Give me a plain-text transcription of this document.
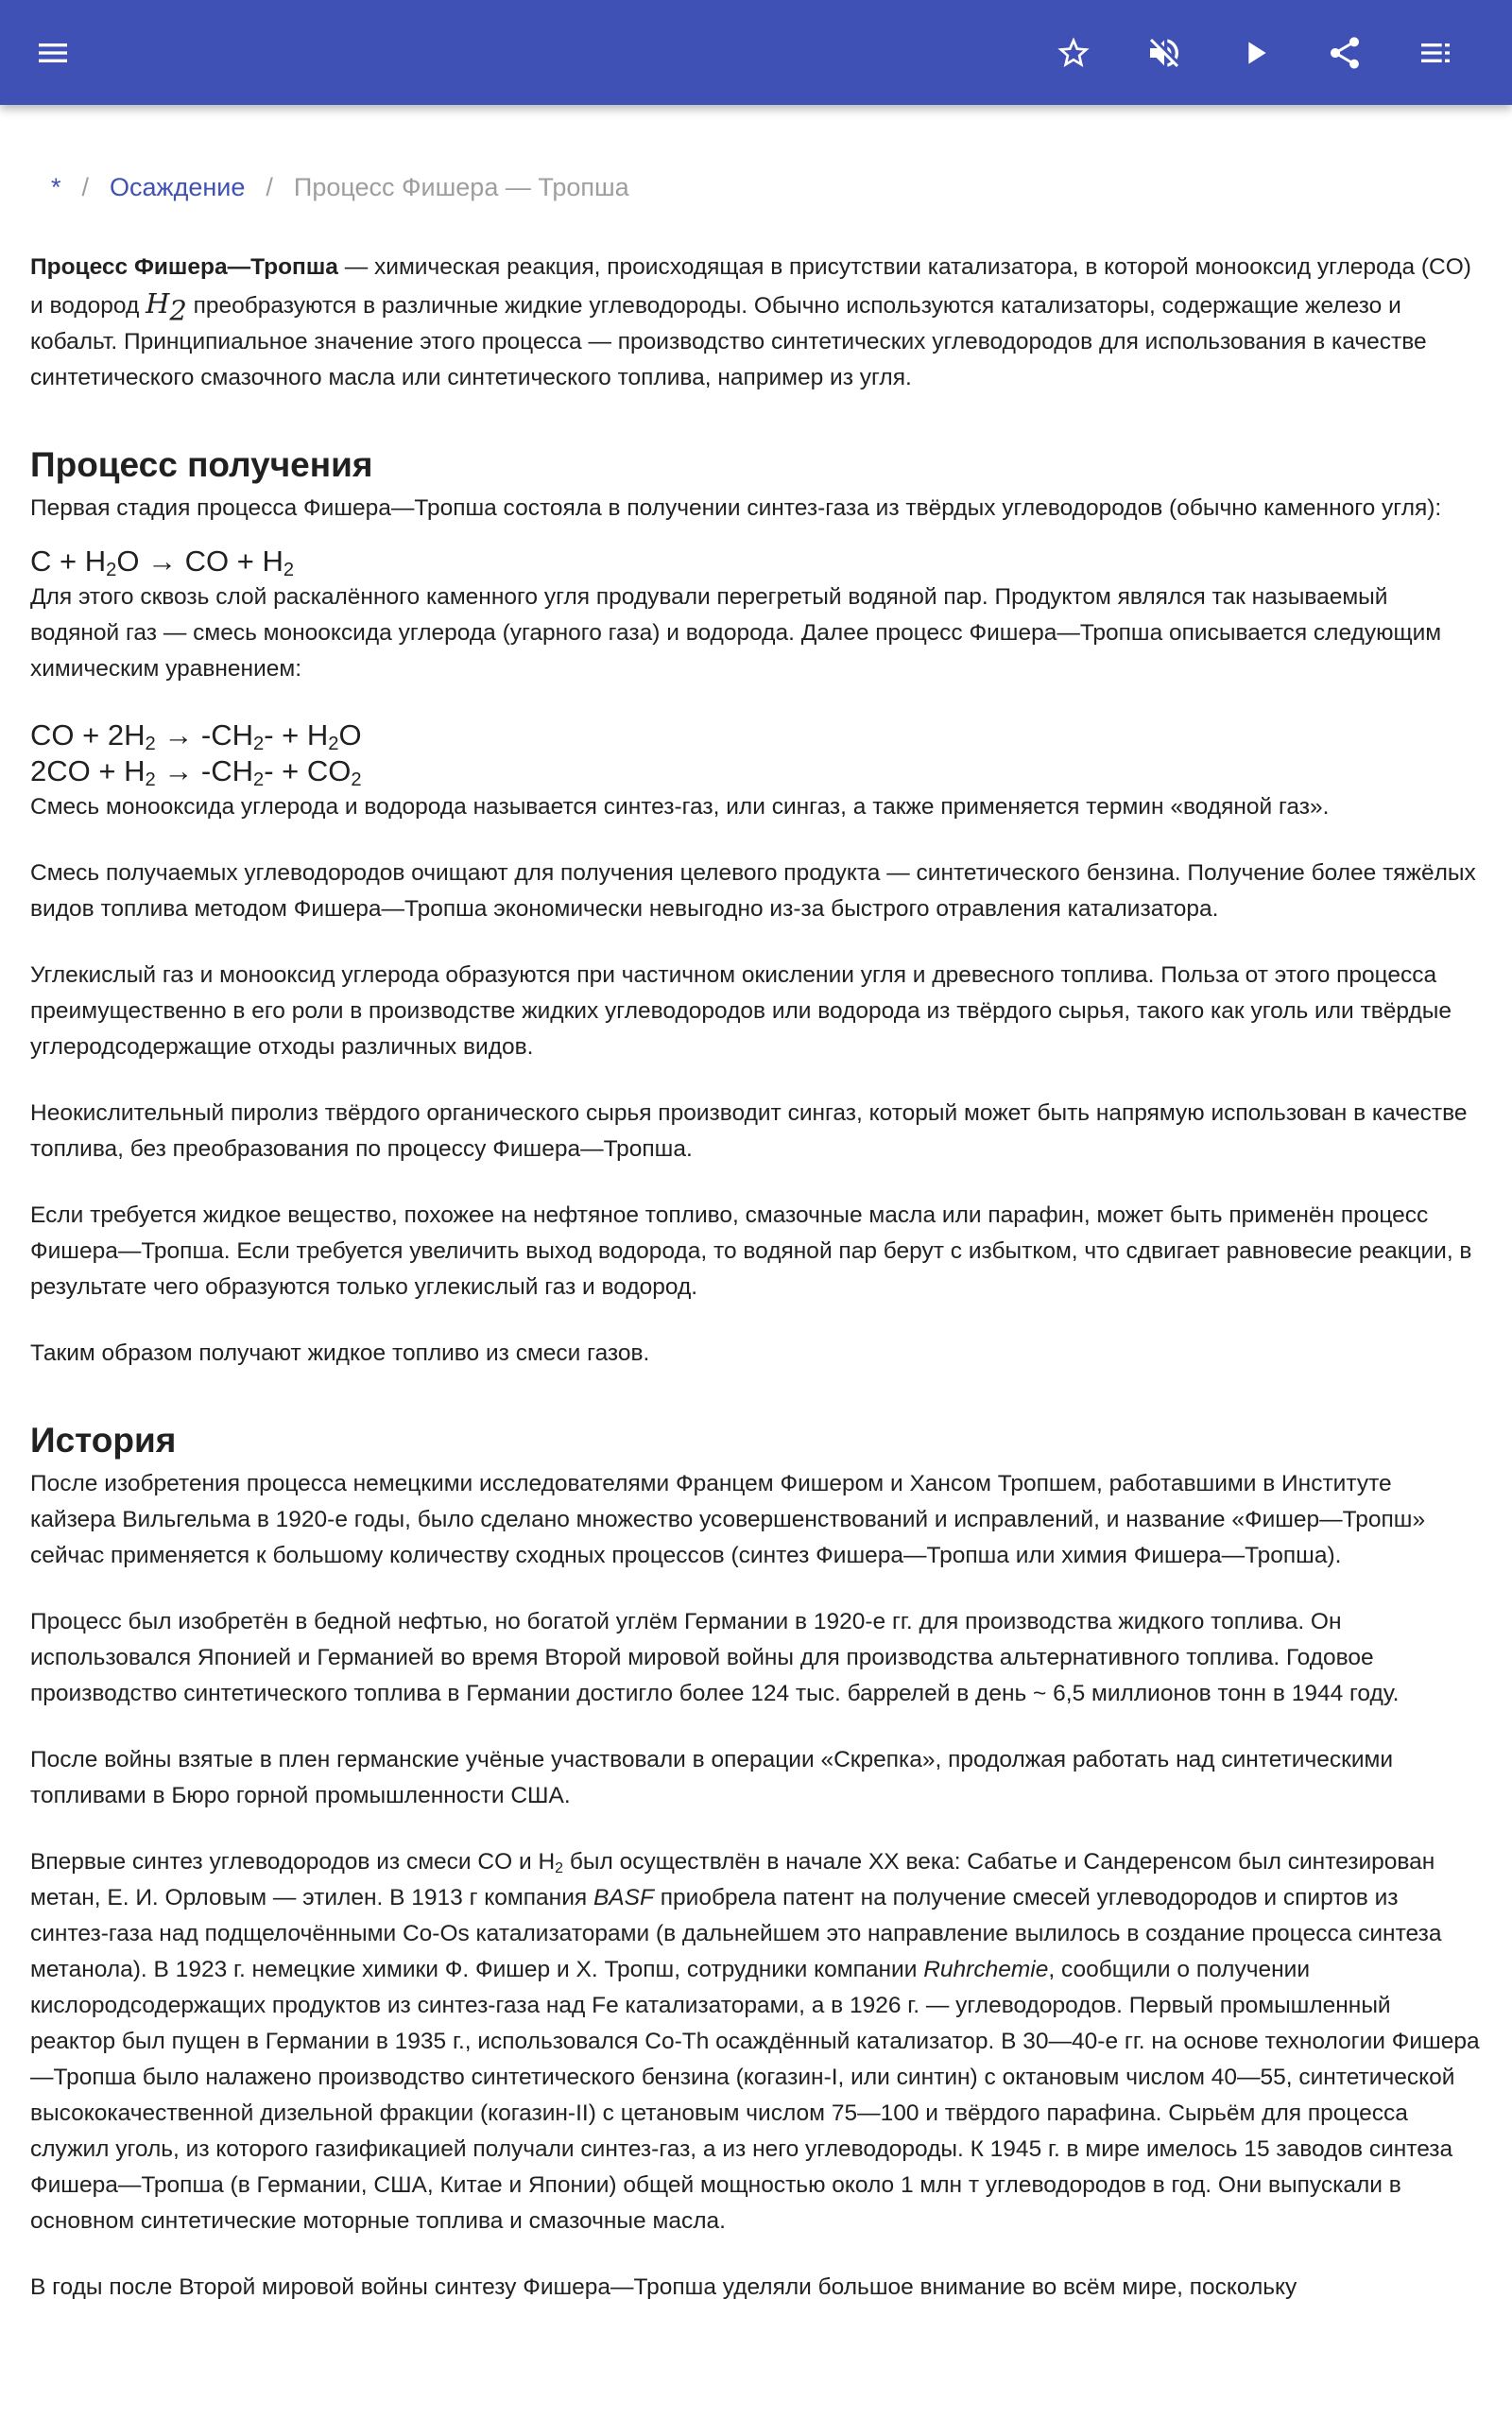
* / Осаждение / Процесс Фишера — Тропша

Процесс Фишера—Тропша — химическая реакция, происходящая в присутствии катализатора, в которой монооксид углерода (CO) и водород $H_2$ преобразуются в различные жидкие углеводороды. Обычно используются катализаторы, содержащие железо и кобальт. Принципиальное значение этого процесса — производство синтетических углеводородов для использования в качестве синтетического смазочного масла или синтетического топлива, например из угля.

Процесс получения

Первая стадия процесса Фишера—Тропша состояла в получении синтез-газа из твёрдых углеводородов (обычно каменного угля):

$C + H_2O$ → CO + $H_2$

Для этого сквозь слой раскалённого каменного угля продували перегретый водяной пар. Продуктом являлся так называемый водяной газ — смесь монооксида углерода (угарного газа) и водорода. Далее процесс Фишера—Тропша описывается следующим химическим уравнением:

CO + $2H_2 \to -CH_2- + H_2O$
$2CO + H_2 \to -CH_2- + CO_2$

Смесь монооксида углерода и водорода называется синтез-газ, или сингаз, а также применяется термин «водяной газ».

Смесь получаемых углеводородов очищают для получения целевого продукта — синтетического бензина. Получение более тяжёлых видов топлива методом Фишера—Тропша экономически невыгодно из-за быстрого отравления катализатора.

Углекислый газ и монооксид углерода образуются при частичном окислении угля и древесного топлива. Польза от этого процесса преимущественно в его роли в производстве жидких углеводородов или водорода из твёрдого сырья, такого как уголь или твёрдые углеродсодержащие отходы различных видов.

Неокислительный пиролиз твёрдого органического сырья производит сингаз, который может быть напрямую использован в качестве топлива, без преобразования по процессу Фишера—Тропша.

Если требуется жидкое вещество, похожее на нефтяное топливо, смазочные масла или парафин, может быть применён процесс Фишера—Тропша. Если требуется увеличить выход водорода, то водяной пар берут с избытком, что сдвигает равновесие реакции, в результате чего образуются только углекислый газ и водород.

Таким образом получают жидкое топливо из смеси газов.

История

После изобретения процесса немецкими исследователями Францем Фишером и Хансом Тропшем, работавшими в Институте кайзера Вильгельма в 1920-е годы, было сделано множество усовершенствований и исправлений, и название «Фишер—Тропш» сейчас применяется к большому количеству сходных процессов (синтез Фишера—Тропша или химия Фишера—Тропша).

Процесс был изобретён в бедной нефтью, но богатой углём Германии в 1920-е гг. для производства жидкого топлива. Он использовался Японией и Германией во время Второй мировой войны для производства альтернативного топлива. Годовое производство синтетического топлива в Германии достигло более 124 тыс. баррелей в день ~ 6,5 миллионов тонн в 1944 году.

После войны взятые в плен германские учёные участвовали в операции «Скрепка», продолжая работать над синтетическими топливами в Бюро горной промышленности США.

Впервые синтез углеводородов из смеси CO и $H_2$ был осуществлён в начале XX века: Сабатье и Сандеренсом был синтезирован метан, Е. И. Орловым — этилен. В 1913 г компания BASF приобрела патент на получение смесей углеводородов и спиртов из синтез-газа над подщелочёнными Co-Os катализаторами (в дальнейшем это направление вылилось в создание процесса синтеза метанола). В 1923 г. немецкие химики Ф. Фишер и Х. Тропш, сотрудники компании Ruhrchemie, сообщили о получении кислородсодержащих продуктов из синтез-газа над Fe катализаторами, а в 1926 г. — углеводородов. Первый промышленный реактор был пущен в Германии в 1935 г., использовался Co-Th осаждённый катализатор. В 30—40-е гг. на основе технологии Фишера—Тропша было налажено производство синтетического бензина (когазин-I, или синтин) с октановым числом 40—55, синтетической высококачественной дизельной фракции (когазин-II) с цетановым числом 75—100 и твёрдого парафина. Сырьём для процесса служил уголь, из которого газификацией получали синтез-газ, а из него углеводороды. К 1945 г. в мире имелось 15 заводов синтеза Фишера—Тропша (в Германии, США, Китае и Японии) общей мощностью около 1 млн т углеводородов в год. Они выпускали в основном синтетические моторные топлива и смазочные масла.

В годы после Второй мировой войны синтезу Фишера—Тропша уделяли большое внимание во всём мире, поскольку
